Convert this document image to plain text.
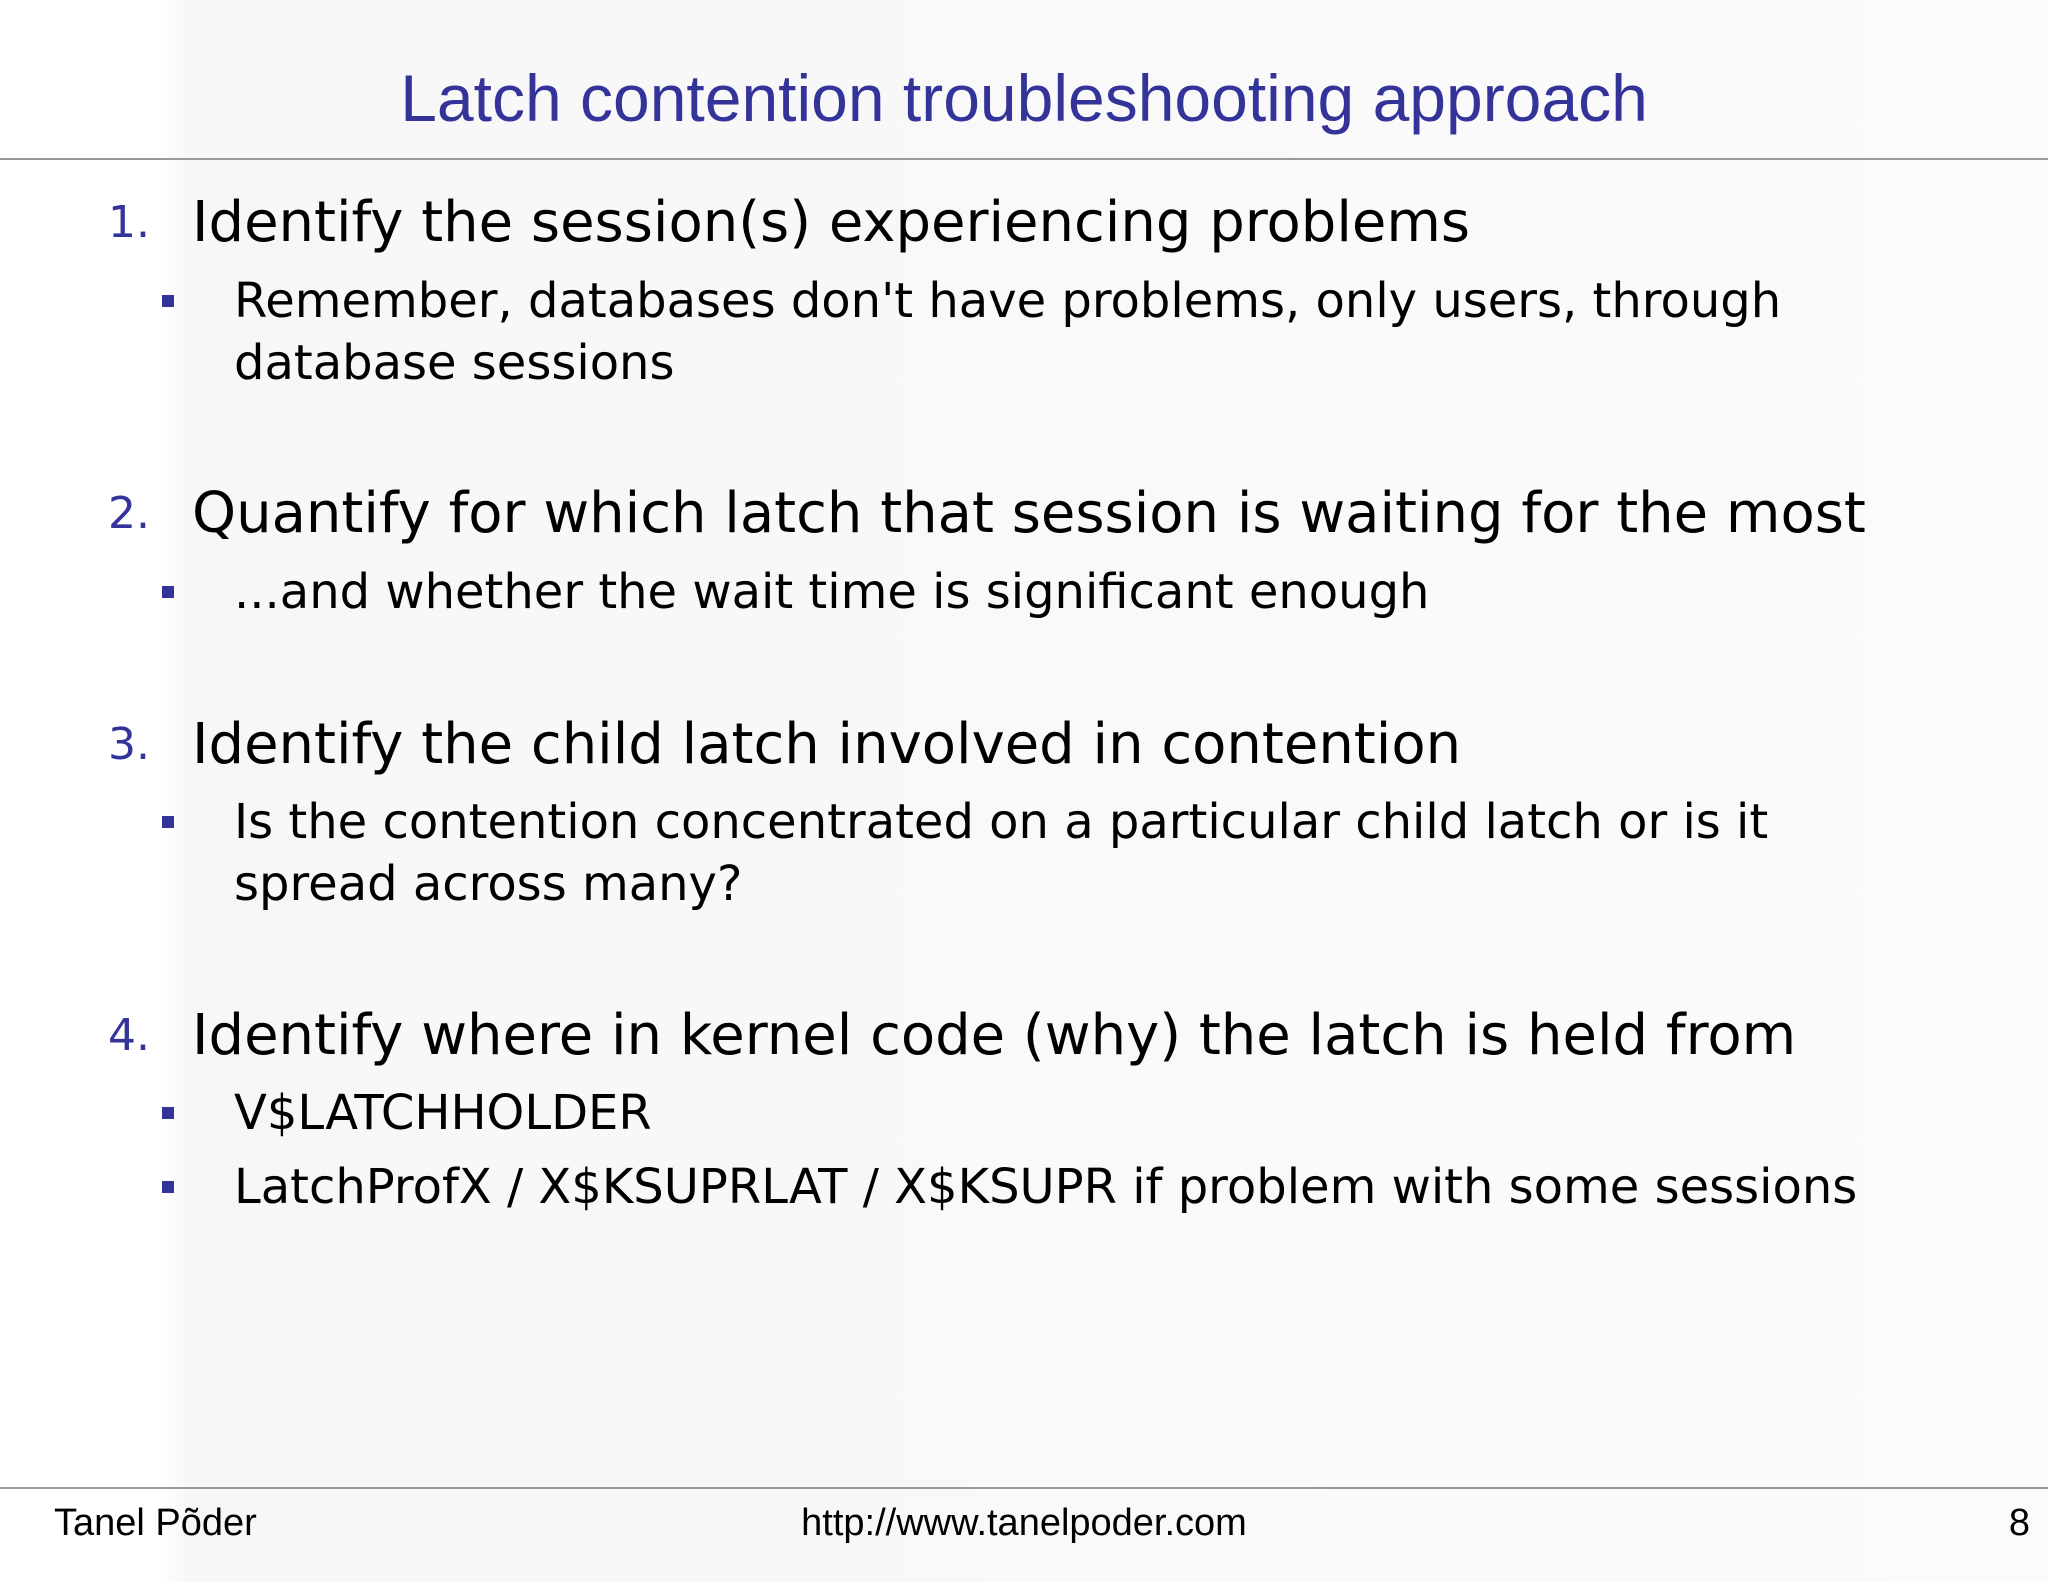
Latch contention troubleshooting approach
1. Identify the session(s) experiencing problems
Remember, databases don't have problems, only users, through database sessions
2. Quantify for which latch that session is waiting for the most
...and whether the wait time is significant enough
3. Identify the child latch involved in contention
Is the contention concentrated on a particular child latch or is it spread across many?
4. Identify where in kernel code (why) the latch is held from
V$LATCHHOLDER
LatchProfX / X$KSUPRLAT / X$KSUPR if problem with some sessions
Tanel Põder	http://www.tanelpoder.com	8
